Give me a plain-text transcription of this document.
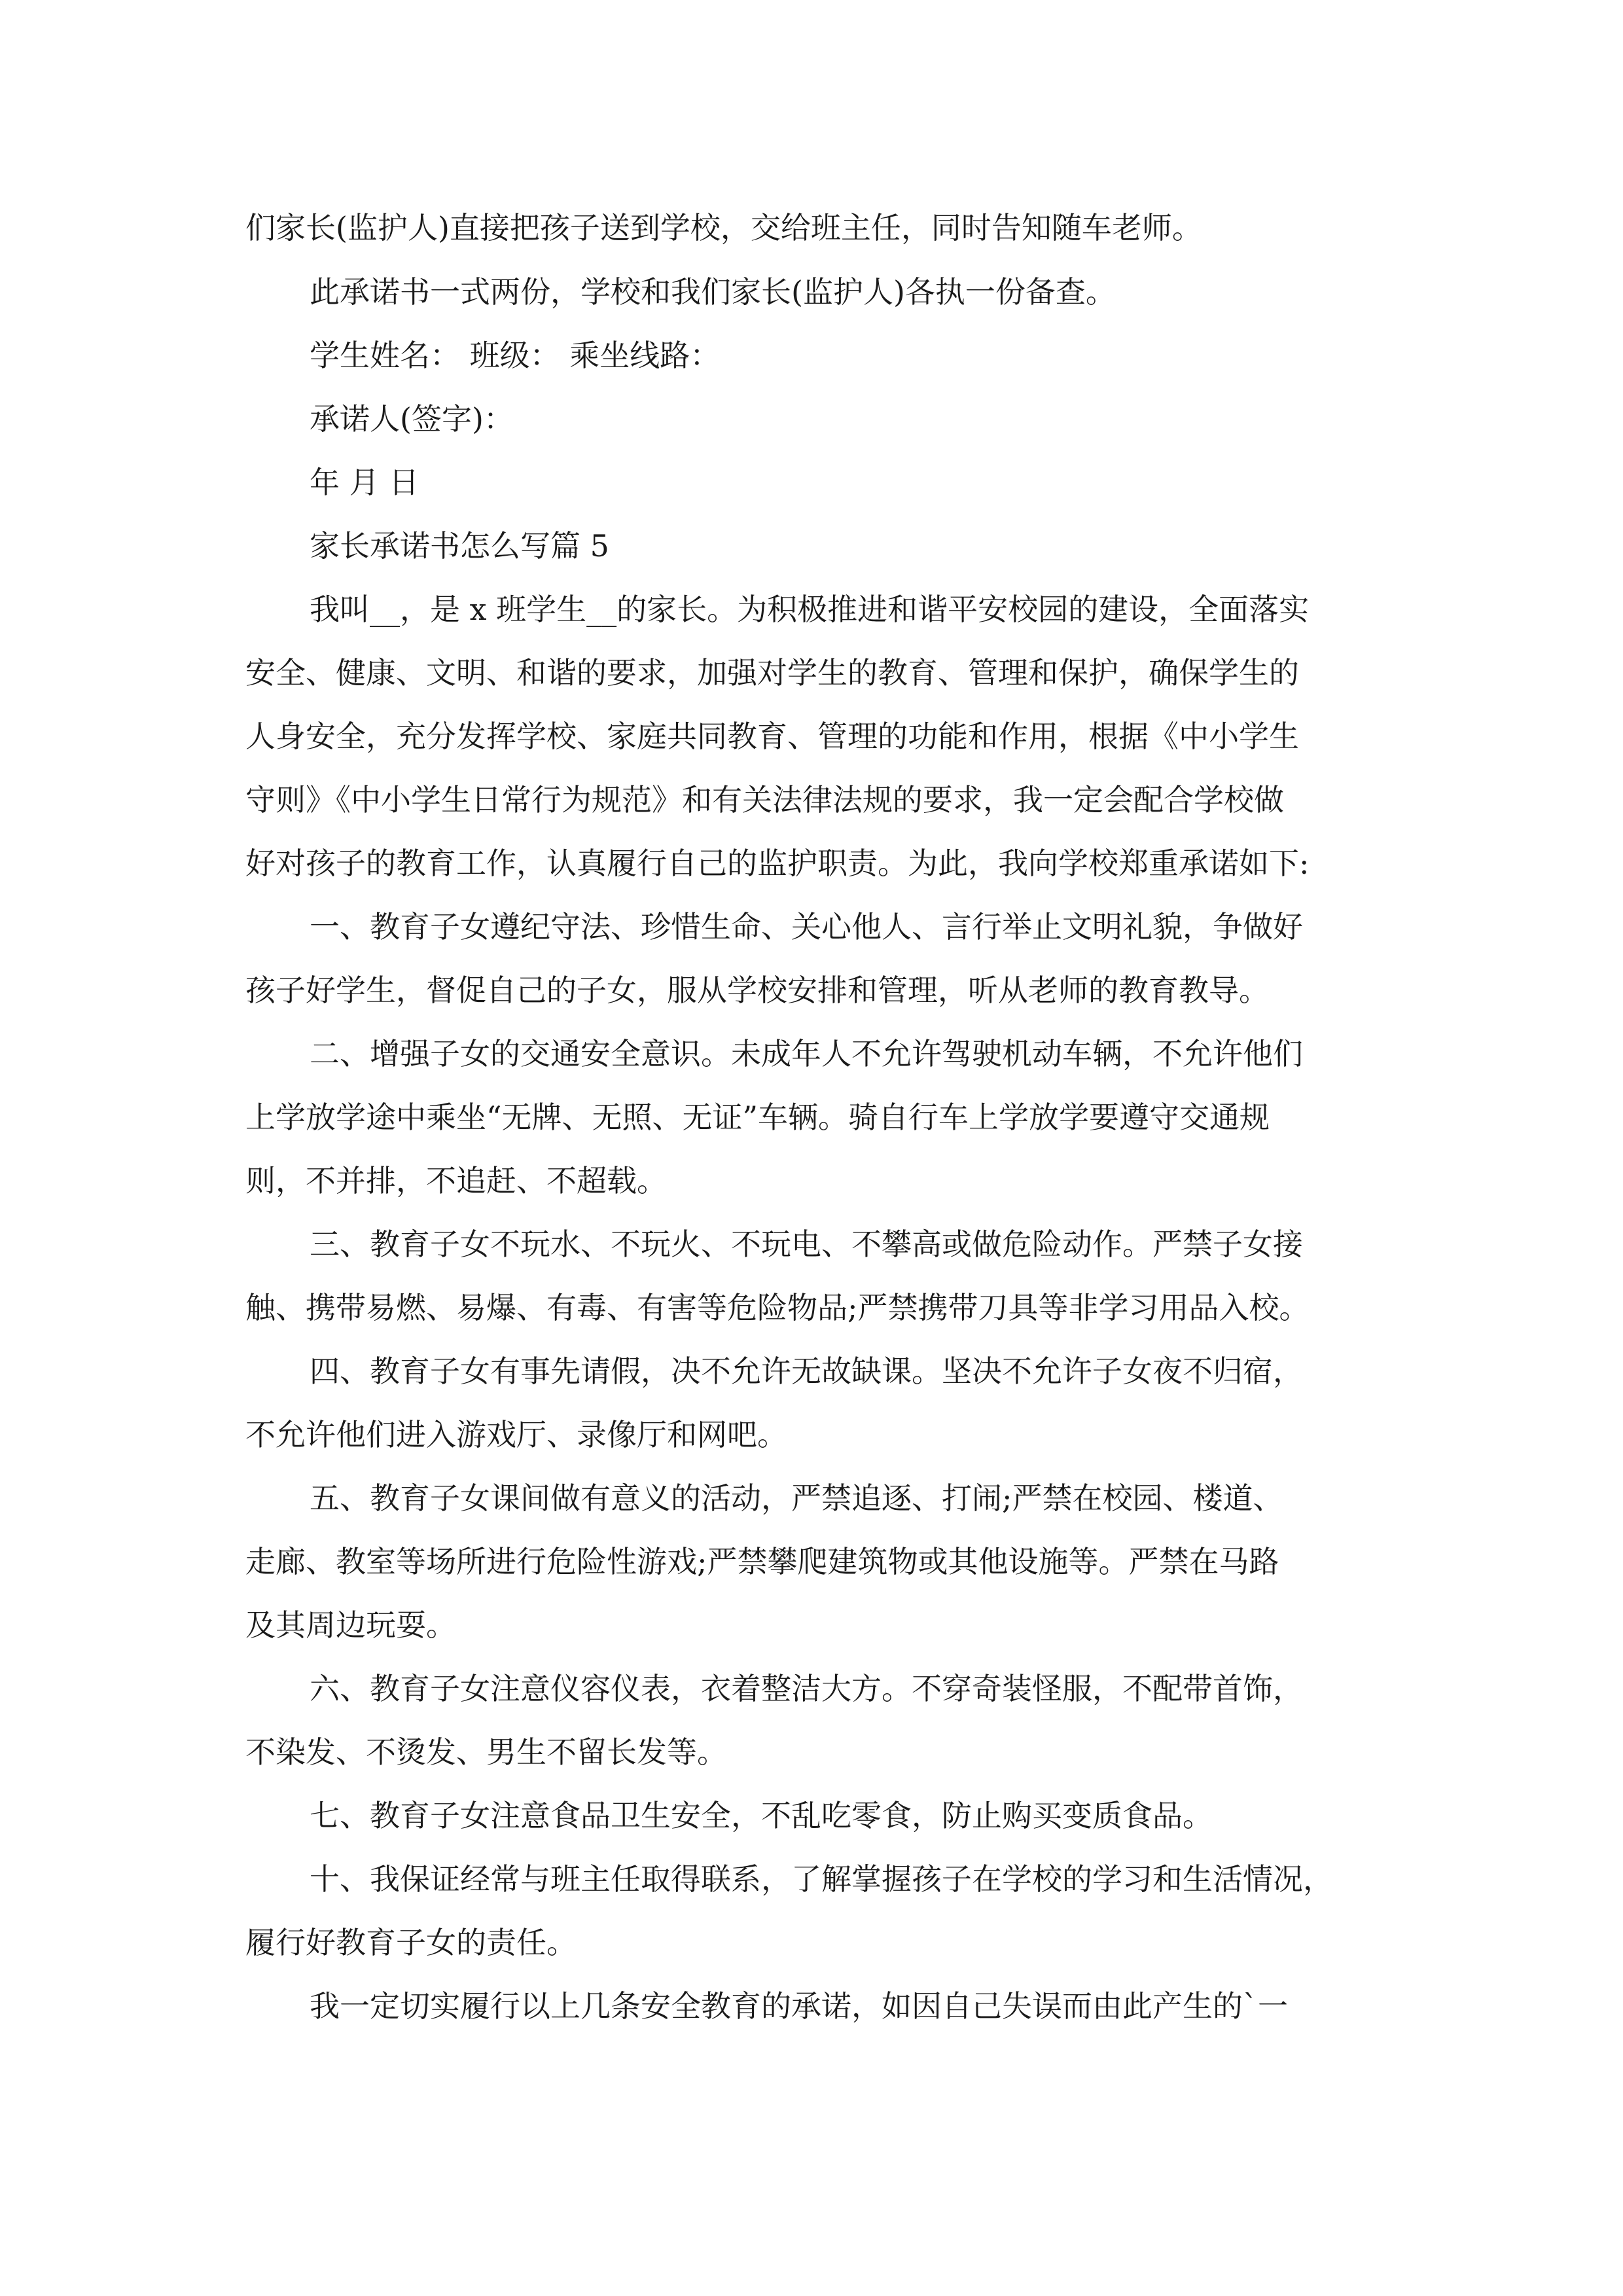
们家长(监护人)直接把孩子送到学校，交给班主任，同时告知随车老师。
此承诺书一式两份，学校和我们家长(监护人)各执一份备查。
学生姓名： 班级： 乘坐线路：
承诺人(签字)：
年 月 日
家长承诺书怎么写篇 5
我叫__，是 x 班学生__的家长。为积极推进和谐平安校园的建设，全面落实
安全、健康、文明、和谐的要求，加强对学生的教育、管理和保护，确保学生的
人身安全，充分发挥学校、家庭共同教育、管理的功能和作用，根据《中小学生
守则》《中小学生日常行为规范》和有关法律法规的要求，我一定会配合学校做
好对孩子的教育工作，认真履行自己的监护职责。为此，我向学校郑重承诺如下:
一、教育子女遵纪守法、珍惜生命、关心他人、言行举止文明礼貌，争做好
孩子好学生，督促自己的子女，服从学校安排和管理，听从老师的教育教导。
二、增强子女的交通安全意识。未成年人不允许驾驶机动车辆，不允许他们
上学放学途中乘坐“无牌、无照、无证”车辆。骑自行车上学放学要遵守交通规
则，不并排，不追赶、不超载。
三、教育子女不玩水、不玩火、不玩电、不攀高或做危险动作。严禁子女接
触、携带易燃、易爆、有毒、有害等危险物品;严禁携带刀具等非学习用品入校。
四、教育子女有事先请假，决不允许无故缺课。坚决不允许子女夜不归宿，
不允许他们进入游戏厅、录像厅和网吧。
五、教育子女课间做有意义的活动，严禁追逐、打闹;严禁在校园、楼道、
走廊、教室等场所进行危险性游戏;严禁攀爬建筑物或其他设施等。严禁在马路
及其周边玩耍。
六、教育子女注意仪容仪表，衣着整洁大方。不穿奇装怪服，不配带首饰，
不染发、不烫发、男生不留长发等。
七、教育子女注意食品卫生安全，不乱吃零食，防止购买变质食品。
十、我保证经常与班主任取得联系，了解掌握孩子在学校的学习和生活情况，
履行好教育子女的责任。
我一定切实履行以上几条安全教育的承诺，如因自己失误而由此产生的`一
